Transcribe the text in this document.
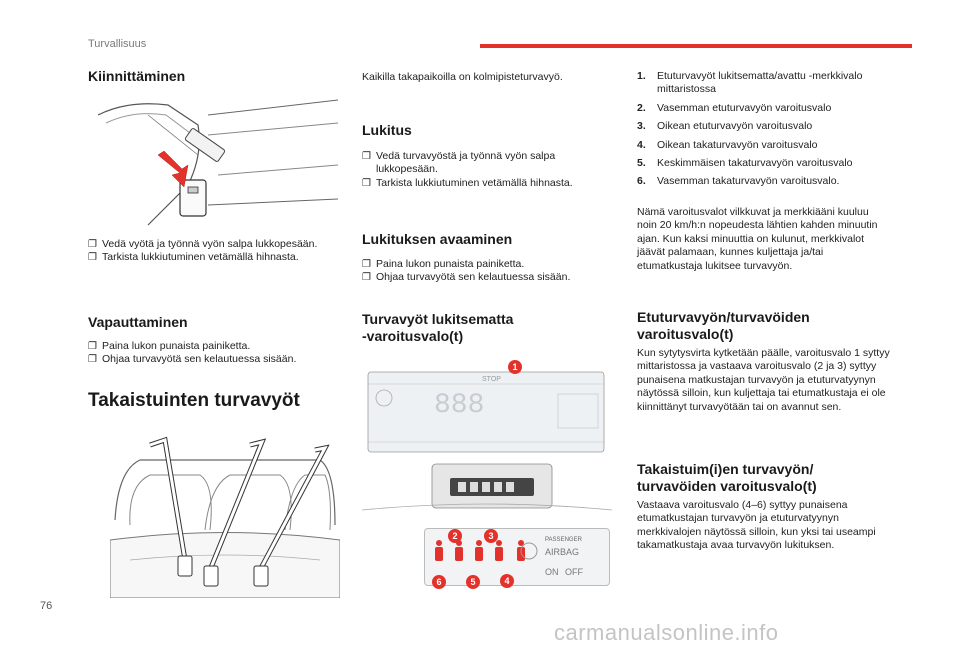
Turvallisuus
Kiinnittäminen
❐ Vedä vyötä ja työnnä vyön salpa lukkopesään.
❐ Tarkista lukkiutuminen vetämällä hihnasta.
Vapauttaminen
❐ Paina lukon punaista painiketta.
❐ Ohjaa turvavyötä sen kelautuessa sisään.
Takaistuinten turvavyöt
Kaikilla takapaikoilla on kolmipisteturvavyö.
Lukitus
❐ Vedä turvavyöstä ja työnnä vyön salpa lukkopesään.
❐ Tarkista lukkiutuminen vetämällä hihnasta.
Lukituksen avaaminen
❐ Paina lukon punaista painiketta.
❐ Ohjaa turvavyötä sen kelautuessa sisään.
Turvavyöt lukitsematta
-varoitusvalo(t)
STOP
888
1
PASSENGER
AIRBAG
ON OFF
2	3
4
5
6
1.	Etuturvavyöt lukitsematta/avattu -merkkivalo mittaristossa
2.	Vasemman etuturvavyön varoitusvalo
3.	Oikean etuturvavyön varoitusvalo
4.	Oikean takaturvavyön varoitusvalo
5.	Keskimmäisen takaturvavyön varoitusvalo
6.	Vasemman takaturvavyön varoitusvalo.
Nämä varoitusvalot vilkkuvat ja merkkiääni kuuluu noin 20 km/h:n nopeudesta lähtien kahden minuutin ajan. Kun kaksi minuuttia on kulunut, merkkivalot jäävät palamaan, kunnes kuljettaja ja/tai etumatkustaja lukitsee turvavyön.
Etuturvavyön/turvavöiden
varoitusvalo(t)
Kun sytytysvirta kytketään päälle, varoitusvalo 1 syttyy mittaristossa ja vastaava varoitusvalo (2 ja 3) syttyy punaisena matkustajan turvavyön ja etuturvatyynyn näytössä silloin, kun kuljettaja tai etumatkustaja ei ole kiinnittänyt turvavyötään tai on avannut sen.
Takaistuim(i)en turvavyön/
turvavöiden varoitusvalo(t)
Vastaava varoitusvalo (4–6) syttyy punaisena etumatkustajan turvavyön ja etuturvatyynyn merkkivalojen näytössä silloin, kun yksi tai useampi takamatkustaja avaa turvavyön lukituksen.
76
carmanualsonline.info
